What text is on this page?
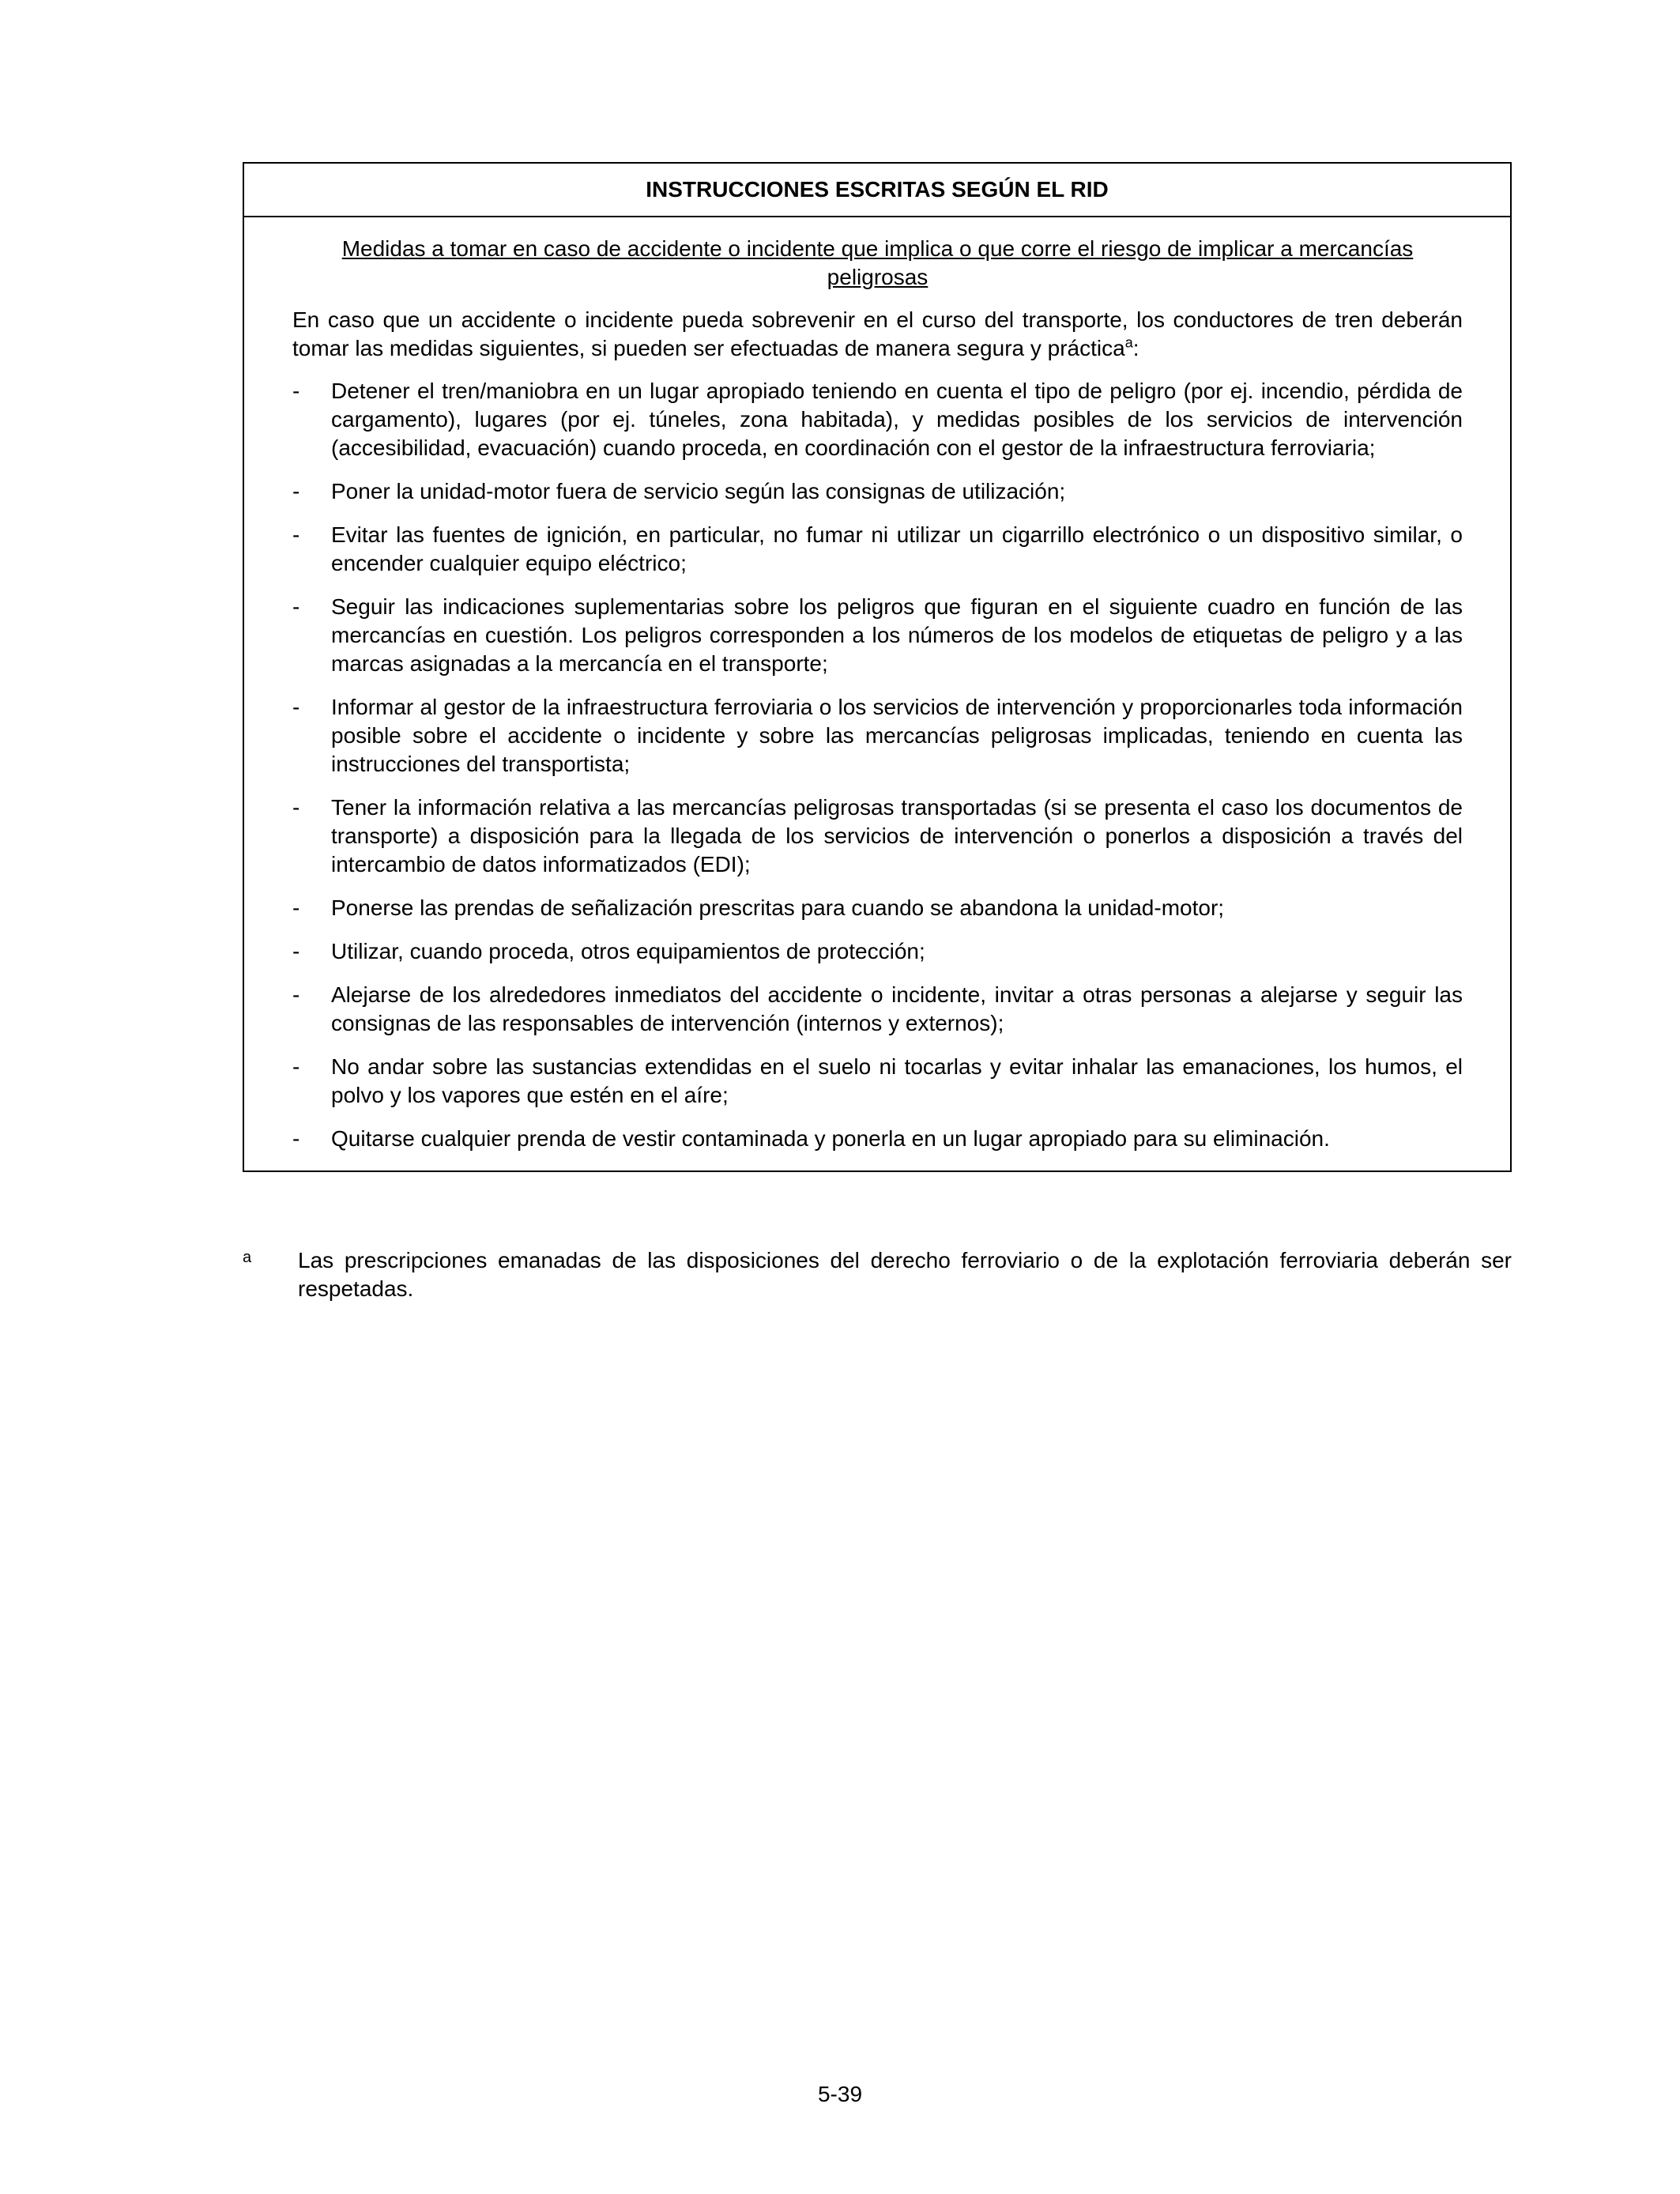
INSTRUCCIONES ESCRITAS SEGÚN EL RID

Medidas a tomar en caso de accidente o incidente que implica o que corre el riesgo de implicar a mercancías peligrosas

En caso que un accidente o incidente pueda sobrevenir en el curso del transporte, los conductores de tren deberán tomar las medidas siguientes, si pueden ser efectuadas de manera segura y práctica$^a$:

-	Detener el tren/maniobra en un lugar apropiado teniendo en cuenta el tipo de peligro (por ej. incendio, pérdida de cargamento), lugares (por ej. túneles, zona habitada), y medidas posibles de los servicios de intervención (accesibilidad, evacuación) cuando proceda, en coordinación con el gestor de la infraestructura ferroviaria;
-	Poner la unidad-motor fuera de servicio según las consignas de utilización;
-	Evitar las fuentes de ignición, en particular, no fumar ni utilizar un cigarrillo electrónico o un dispositivo similar, o encender cualquier equipo eléctrico;
-	Seguir las indicaciones suplementarias sobre los peligros que figuran en el siguiente cuadro en función de las mercancías en cuestión. Los peligros corresponden a los números de los modelos de etiquetas de peligro y a las marcas asignadas a la mercancía en el transporte;
-	Informar al gestor de la infraestructura ferroviaria o los servicios de intervención y proporcionarles toda información posible sobre el accidente o incidente y sobre las mercancías peligrosas implicadas, teniendo en cuenta las instrucciones del transportista;
-	Tener la información relativa a las mercancías peligrosas transportadas (si se presenta el caso los documentos de transporte) a disposición para la llegada de los servicios de intervención o ponerlos a disposición a través del intercambio de datos informatizados (EDI);
-	Ponerse las prendas de señalización prescritas para cuando se abandona la unidad-motor;
-	Utilizar, cuando proceda, otros equipamientos de protección;
-	Alejarse de los alrededores inmediatos del accidente o incidente, invitar a otras personas a alejarse y seguir las consignas de las responsables de intervención (internos y externos);
-	No andar sobre las sustancias extendidas en el suelo ni tocarlas y evitar inhalar las emanaciones, los humos, el polvo y los vapores que estén en el aíre;
-	Quitarse cualquier prenda de vestir contaminada y ponerla en un lugar apropiado para su eliminación.
a	Las prescripciones emanadas de las disposiciones del derecho ferroviario o de la explotación ferroviaria deberán ser respetadas.
5-39
